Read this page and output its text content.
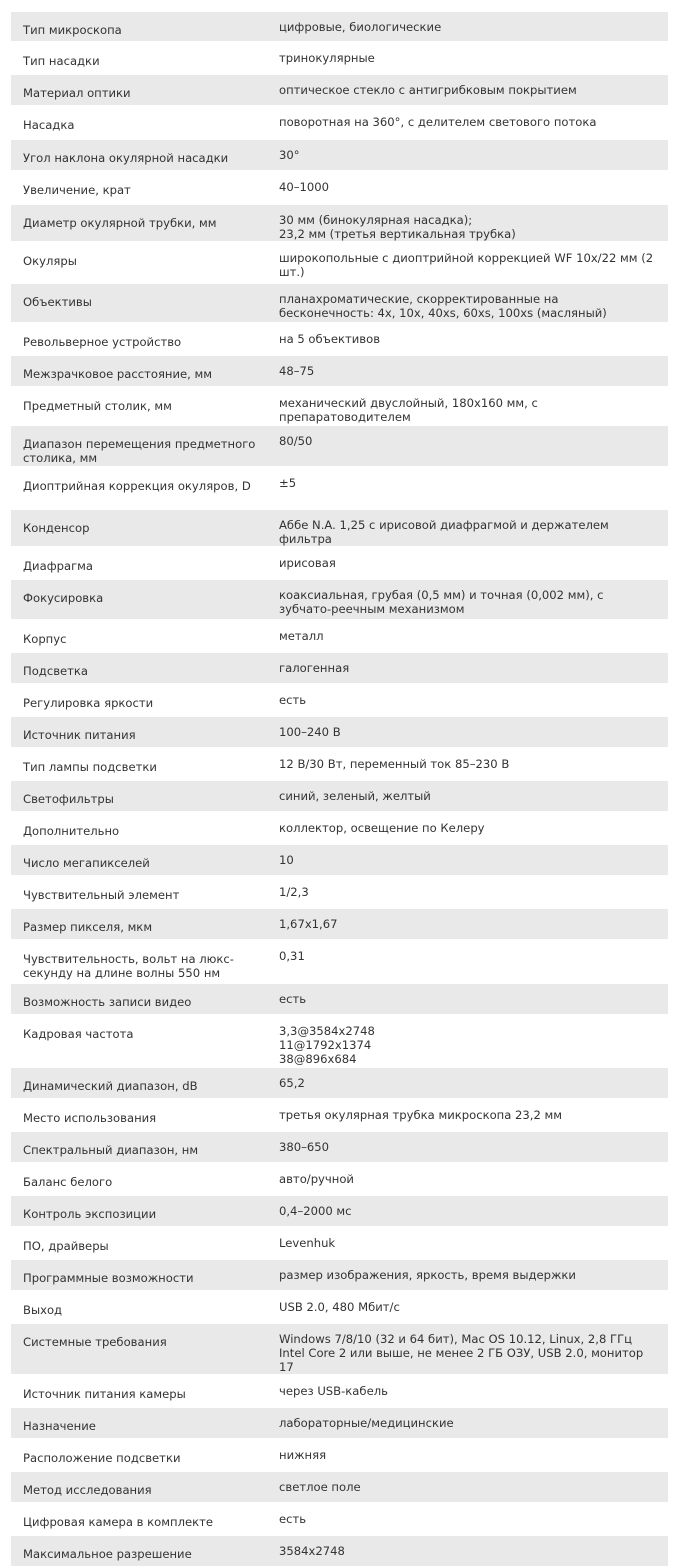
Тип микроскопа	цифровые, биологические
Тип насадки	тринокулярные
Материал оптики	оптическое стекло с антигрибковым покрытием
Насадка	поворотная на 360°, с делителем светового потока
Угол наклона окулярной насадки	30°
Увеличение, крат	40–1000
Диаметр окулярной трубки, мм	30 мм (бинокулярная насадка);
23,2 мм (третья вертикальная трубка)
Окуляры	широкопольные с диоптрийной коррекцией WF 10x/22 мм (2 шт.)
Объективы	планахроматические, скорректированные на бесконечность: 4х, 10х, 40xs, 60xs, 100xs (масляный)
Револьверное устройство	на 5 объективов
Межзрачковое расстояние, мм	48–75
Предметный столик, мм	механический двуслойный, 180х160 мм, с препаратоводителем
Диапазон перемещения предметного столика, мм	80/50
Диоптрийная коррекция окуляров, D	±5
Конденсор	Аббе N.A. 1,25 с ирисовой диафрагмой и держателем фильтра
Диафрагма	ирисовая
Фокусировка	коаксиальная, грубая (0,5 мм) и точная (0,002 мм), с зубчато-реечным механизмом
Корпус	металл
Подсветка	галогенная
Регулировка яркости	есть
Источник питания	100–240 В
Тип лампы подсветки	12 В/30 Вт, переменный ток 85–230 В
Светофильтры	синий, зеленый, желтый
Дополнительно	коллектор, освещение по Келеру
Число мегапикселей	10
Чувствительный элемент	1/2,3
Размер пикселя, мкм	1,67х1,67
Чувствительность, вольт на люкс-секунду на длине волны 550 нм	0,31
Возможность записи видео	есть
Кадровая частота	3,3@3584x2748
11@1792x1374
38@896x684
Динамический диапазон, dB	65,2
Место использования	третья окулярная трубка микроскопа 23,2 мм
Спектральный диапазон, нм	380–650
Баланс белого	авто/ручной
Контроль экспозиции	0,4–2000 мс
ПО, драйверы	Levenhuk
Программные возможности	размер изображения, яркость, время выдержки
Выход	USB 2.0, 480 Мбит/с
Системные требования	Windows 7/8/10 (32 и 64 бит), Mac OS 10.12, Linux, 2,8 ГГц Intel Core 2 или выше, не менее 2 ГБ ОЗУ, USB 2.0, монитор 17
Источник питания камеры	через USB-кабель
Назначение	лабораторные/медицинские
Расположение подсветки	нижняя
Метод исследования	светлое поле
Цифровая камера в комплекте	есть
Максимальное разрешение	3584x2748
